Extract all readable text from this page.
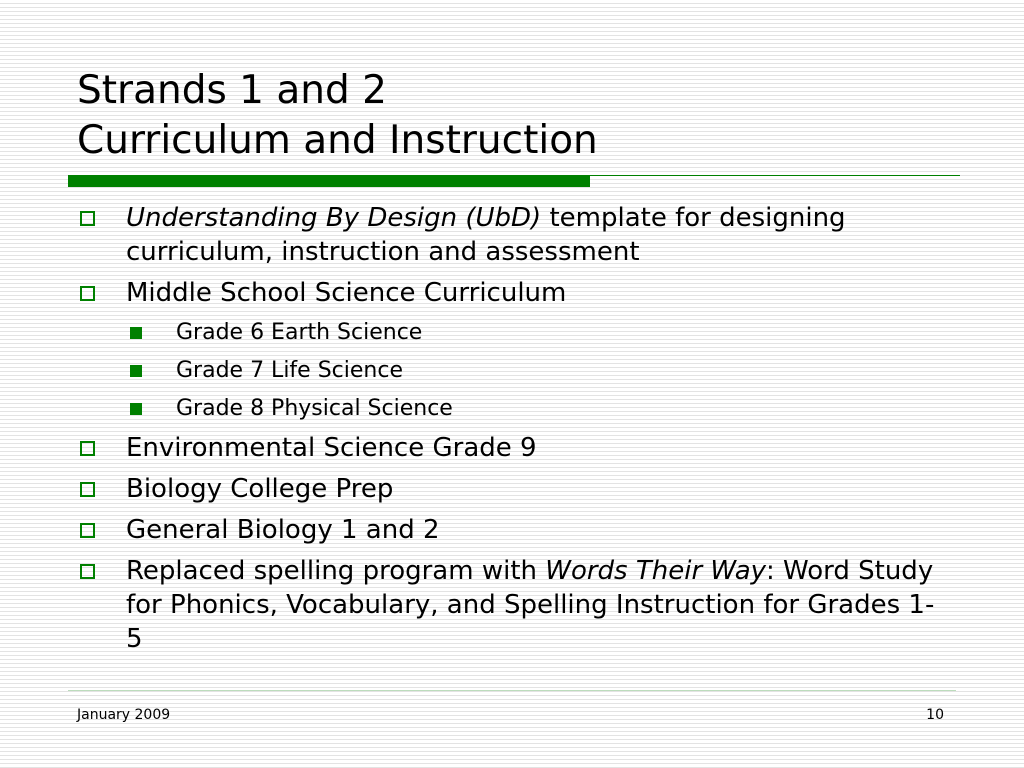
Strands 1 and 2
Curriculum and Instruction
Understanding By Design (UbD) template for designing curriculum, instruction and assessment
Middle School Science Curriculum
Grade 6 Earth Science
Grade 7 Life Science
Grade 8 Physical Science
Environmental Science Grade 9
Biology College Prep
General Biology 1 and 2
Replaced spelling program with Words Their Way: Word Study for Phonics, Vocabulary, and Spelling Instruction for Grades 1-5
January 2009	10
